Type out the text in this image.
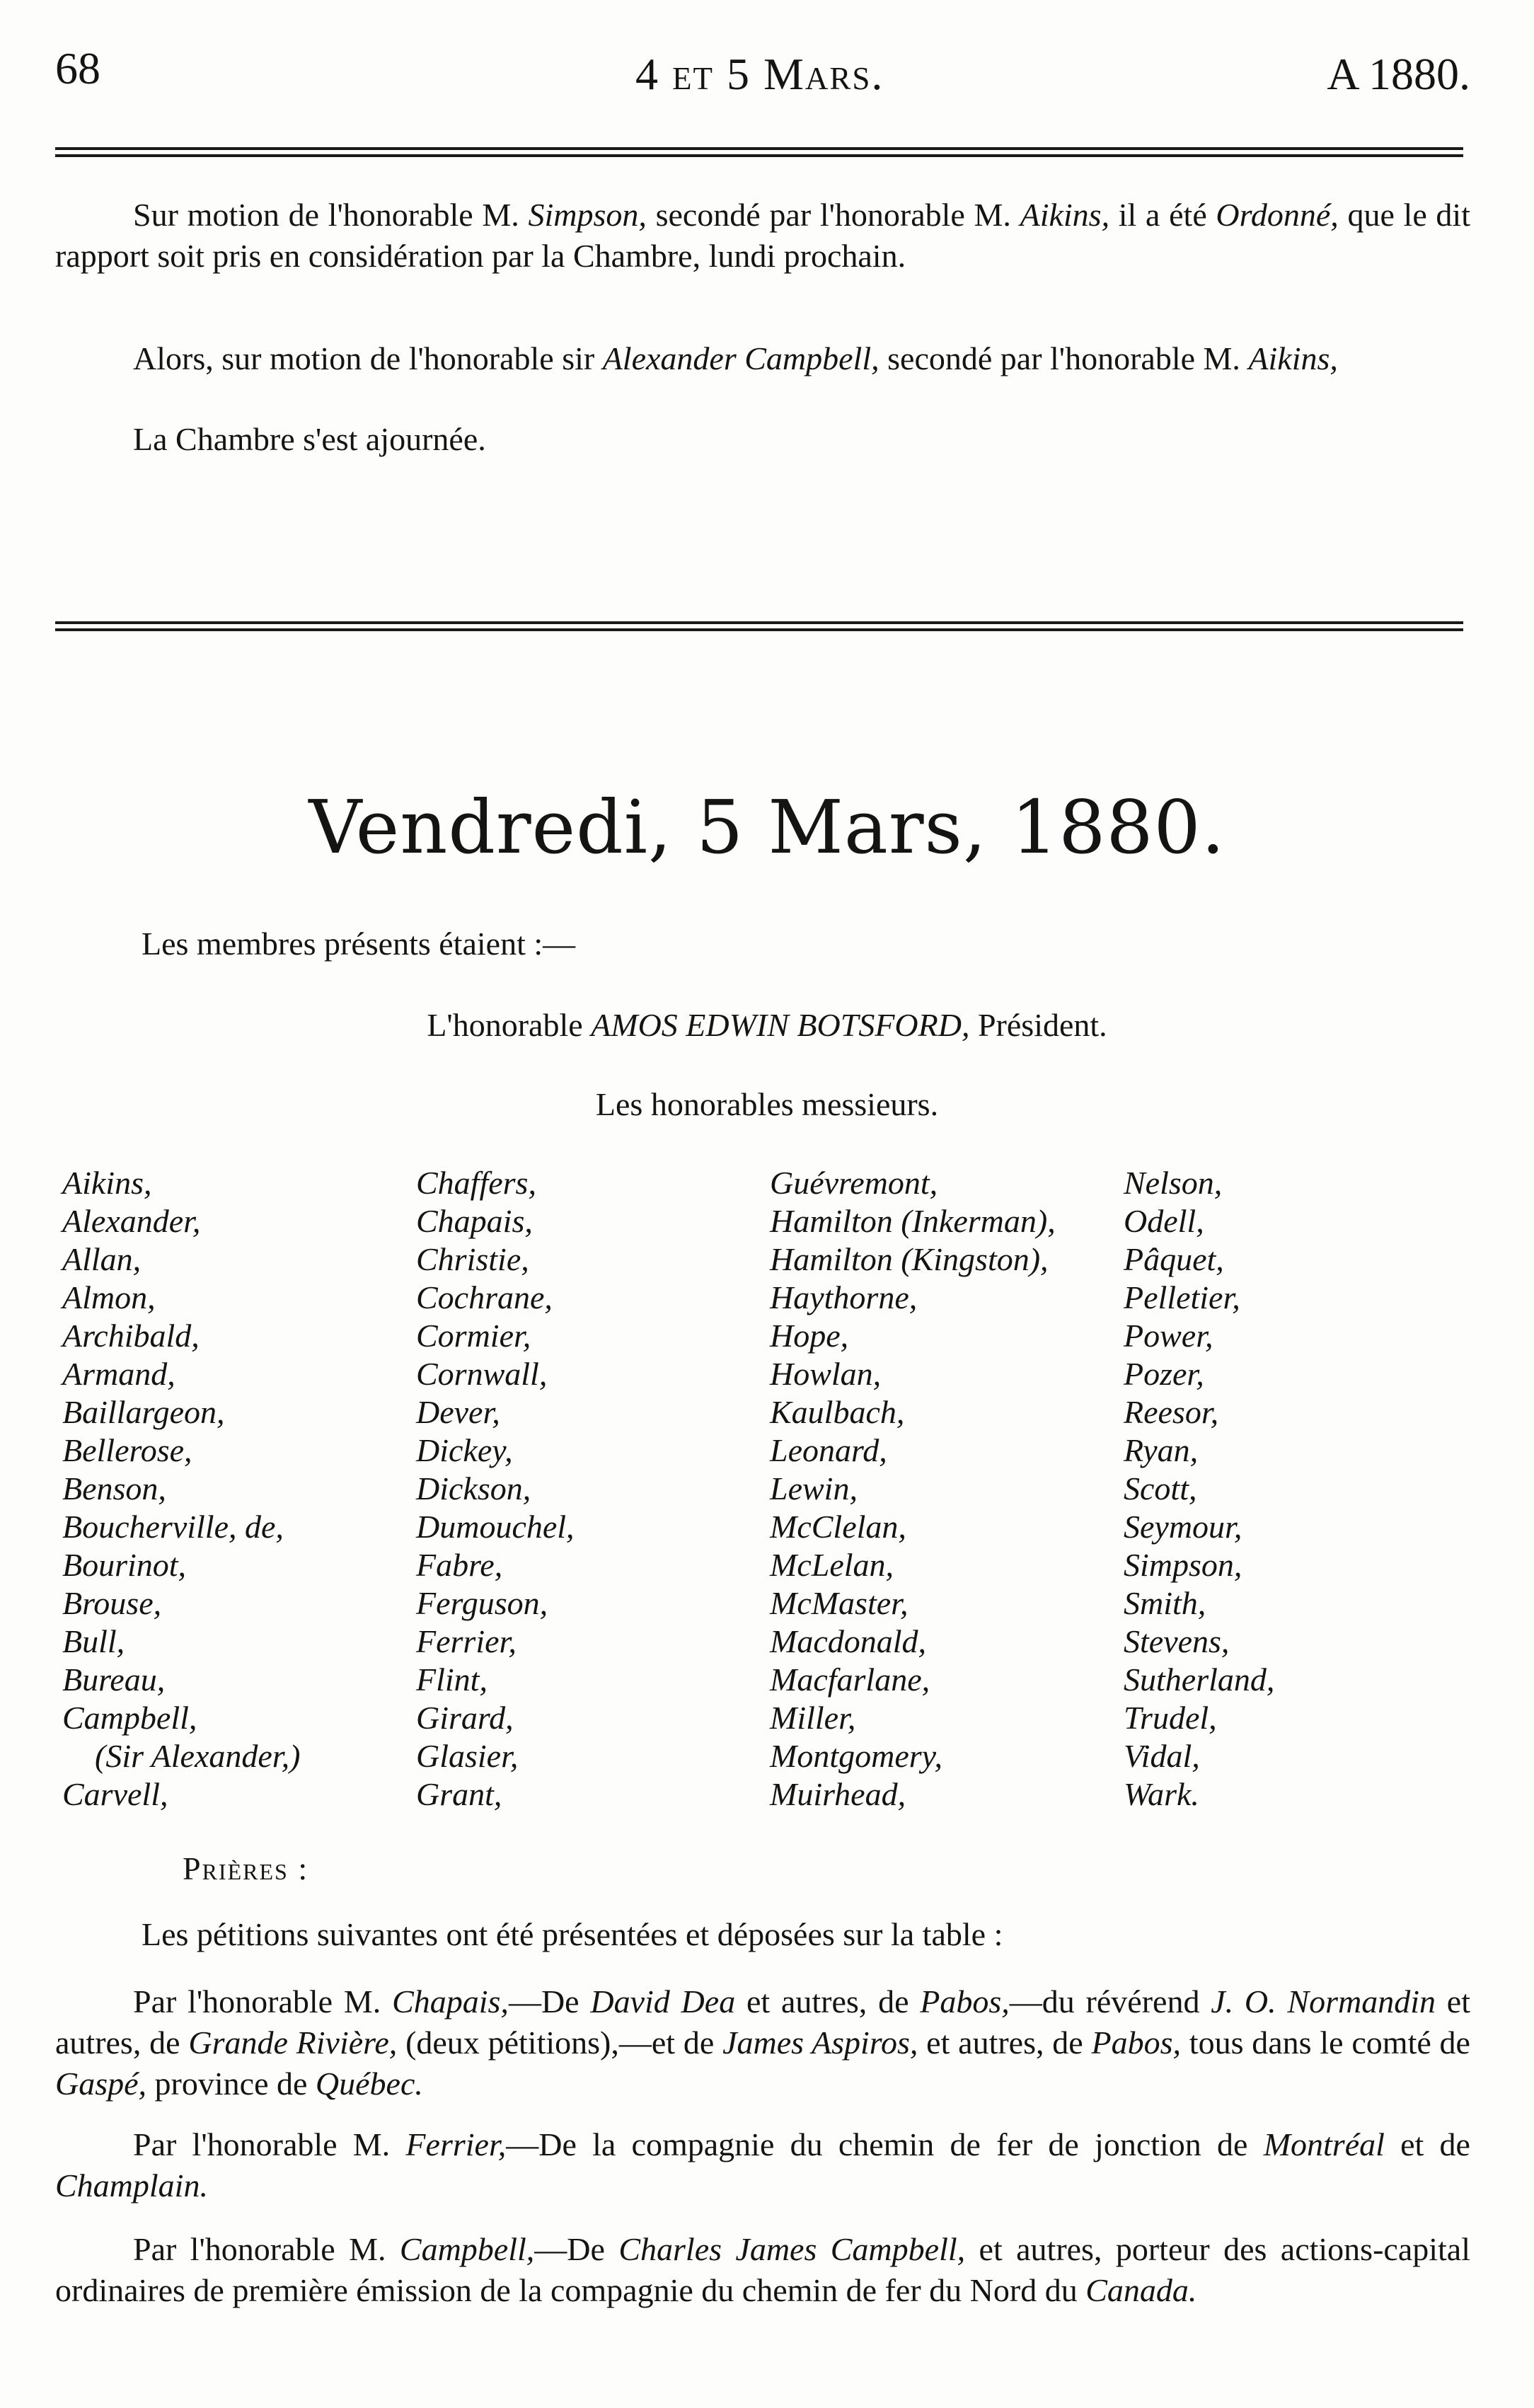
68	4 et 5 Mars.	A 1880.

Sur motion de l'honorable M. Simpson, secondé par l'honorable M. Aikins, il a été Ordonné, que le dit rapport soit pris en considération par la Chambre, lundi prochain.

Alors, sur motion de l'honorable sir Alexander Campbell, secondé par l'honorable M. Aikins,

La Chambre s'est ajournée.

Vendredi, 5 Mars, 1880.

Les membres présents étaient :—

L'honorable AMOS EDWIN BOTSFORD, Président.

Les honorables messieurs.

Aikins,
Alexander,
Allan,
Almon,
Archibald,
Armand,
Baillargeon,
Bellerose,
Benson,
Boucherville, de,
Bourinot,
Brouse,
Bull,
Bureau,
Campbell,
(Sir Alexander,)
Carvell,
Chaffers,
Chapais,
Christie,
Cochrane,
Cormier,
Cornwall,
Dever,
Dickey,
Dickson,
Dumouchel,
Fabre,
Ferguson,
Ferrier,
Flint,
Girard,
Glasier,
Grant,
Guévremont,
Hamilton (Inkerman),
Hamilton (Kingston),
Haythorne,
Hope,
Howlan,
Kaulbach,
Leonard,
Lewin,
McClelan,
McLelan,
McMaster,
Macdonald,
Macfarlane,
Miller,
Montgomery,
Muirhead,
Nelson,
Odell,
Pâquet,
Pelletier,
Power,
Pozer,
Reesor,
Ryan,
Scott,
Seymour,
Simpson,
Smith,
Stevens,
Sutherland,
Trudel,
Vidal,
Wark.

Prières :

Les pétitions suivantes ont été présentées et déposées sur la table :

Par l'honorable M. Chapais,—De David Dea et autres, de Pabos,—du révérend J. O. Normandin et autres, de Grande Rivière, (deux pétitions),—et de James Aspiros, et autres, de Pabos, tous dans le comté de Gaspé, province de Québec.

Par l'honorable M. Ferrier,—De la compagnie du chemin de fer de jonction de Montréal et de Champlain.

Par l'honorable M. Campbell,—De Charles James Campbell, et autres, porteur des actions-capital ordinaires de première émission de la compagnie du chemin de fer du Nord du Canada.
